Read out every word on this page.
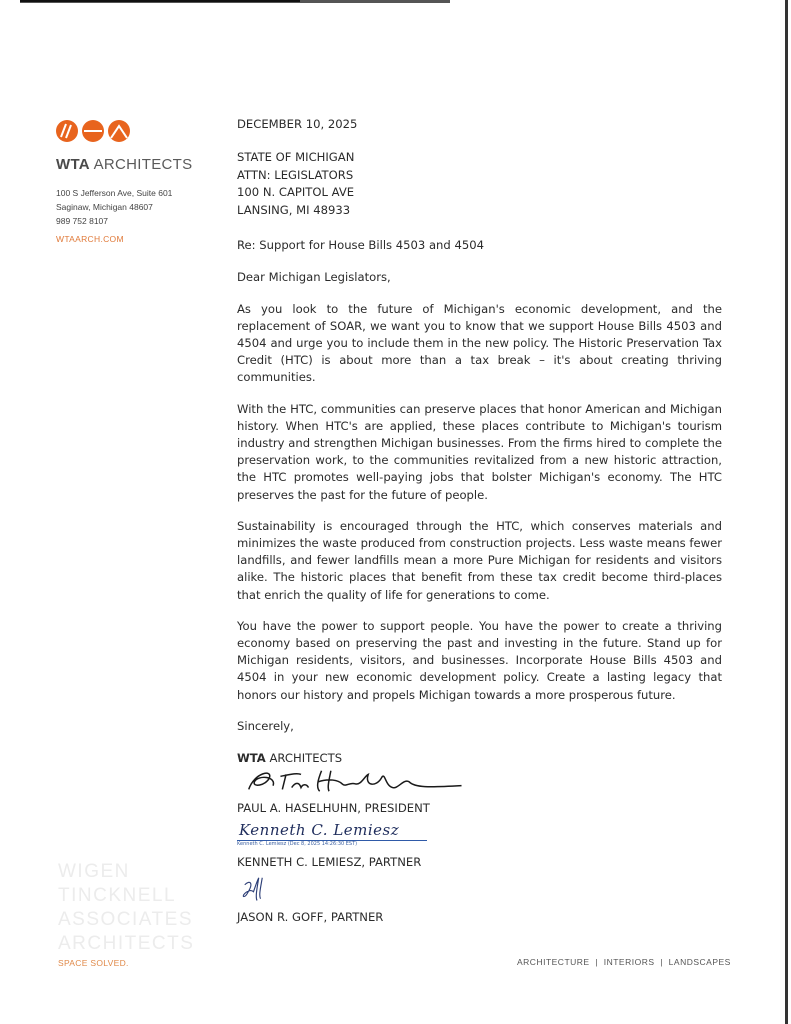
WTA ARCHITECTS
100 S Jefferson Ave, Suite 601
Saginaw, Michigan 48607
989 752 8107
WTAARCH.COM
DECEMBER 10, 2025
STATE OF MICHIGAN
ATTN: LEGISLATORS
100 N. CAPITOL AVE
LANSING, MI 48933
Re: Support for House Bills 4503 and 4504
Dear Michigan Legislators,

As you look to the future of Michigan's economic development, and the replacement of SOAR, we want you to know that we support House Bills 4503 and 4504 and urge you to include them in the new policy. The Historic Preservation Tax Credit (HTC) is about more than a tax break – it's about creating thriving communities.

With the HTC, communities can preserve places that honor American and Michigan history. When HTC's are applied, these places contribute to Michigan's tourism industry and strengthen Michigan businesses. From the firms hired to complete the preservation work, to the communities revitalized from a new historic attraction, the HTC promotes well-paying jobs that bolster Michigan's economy. The HTC preserves the past for the future of people.

Sustainability is encouraged through the HTC, which conserves materials and minimizes the waste produced from construction projects. Less waste means fewer landfills, and fewer landfills mean a more Pure Michigan for residents and visitors alike. The historic places that benefit from these tax credit become third-places that enrich the quality of life for generations to come.

You have the power to support people. You have the power to create a thriving economy based on preserving the past and investing in the future. Stand up for Michigan residents, visitors, and businesses. Incorporate House Bills 4503 and 4504 in your new economic development policy. Create a lasting legacy that honors our history and propels Michigan towards a more prosperous future.

Sincerely,
WTA ARCHITECTS
PAUL A. HASELHUHN, PRESIDENT
Kenneth C. Lemiesz
Kenneth C. Lemiesz (Dec 8, 2025 14:26:30 EST)
KENNETH C. LEMIESZ, PARTNER
JASON R. GOFF, PARTNER
WIGEN
TINCKNELL
ASSOCIATES
ARCHITECTS
SPACE SOLVED.	ARCHITECTURE  |  INTERIORS  |  LANDSCAPES
